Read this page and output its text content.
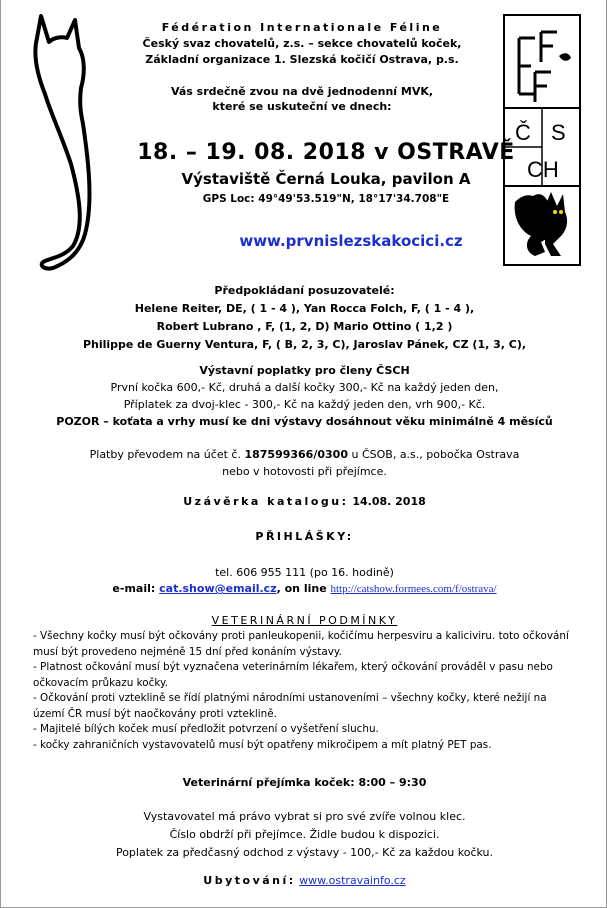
Č S
CH
Fédération Internationale Féline
Český svaz chovatelů, z.s. – sekce chovatelů koček,
Základní organizace 1. Slezská kočičí Ostrava, p.s.
Vás srdečně zvou na dvě jednodenní MVK,
které se uskuteční ve dnech:
18. – 19. 08. 2018 v OSTRAVĚ
Výstaviště Černá Louka, pavilon A
GPS Loc: 49°49'53.519"N, 18°17'34.708"E
www.prvnislezskakocici.cz
Předpokládaní posuzovatelé:
Helene Reiter, DE, ( 1 - 4 ), Yan Rocca Folch, F, ( 1 - 4 ),
Robert Lubrano , F, (1, 2, D) Mario Ottino ( 1,2 )
Philippe de Guerny Ventura, F, ( B, 2, 3, C), Jaroslav Pánek, CZ (1, 3, C),
Výstavní poplatky pro členy ČSCH
První kočka 600,- Kč, druhá a další kočky 300,- Kč na každý jeden den,
Příplatek za dvoj-klec - 300,- Kč na každý jeden den, vrh 900,- Kč.
POZOR – koťata a vrhy musí ke dni výstavy dosáhnout věku minimálně 4 měsíců
Platby převodem na účet č. 187599366/0300 u ČSOB, a.s., pobočka Ostrava
nebo v hotovosti při přejímce.
Uzávěrka katalogu: 14.08. 2018
PŘIHLÁŠKY:
tel. 606 955 111 (po 16. hodině)
e-mail: cat.show@email.cz, on line http://catshow.formees.com/f/ostrava/
VETERINÁRNÍ PODMÍNKY
- Všechny kočky musí být očkovány proti panleukopenii, kočičímu herpesviru a kaliciviru. toto očkování musí být provedeno nejméně 15 dní před konáním výstavy.
- Platnost očkování musí být vyznačena veterinárním lékařem, který očkování prováděl v pasu nebo očkovacím průkazu kočky.
- Očkování proti vzteklině se řídí platnými národními ustanoveními – všechny kočky, které nežijí na území ČR musí být naočkovány proti vzteklině.
- Majitelé bílých koček musí předložit potvrzení o vyšetření sluchu.
- kočky zahraničních vystavovatelů musí být opatřeny mikročipem a mít platný PET pas.
Veterinární přejímka koček: 8:00 – 9:30
Vystavovatel má právo vybrat si pro své zvíře volnou klec.
Číslo obdrží při přejímce. Židle budou k dispozici.
Poplatek za předčasný odchod z výstavy - 100,- Kč za každou kočku.
Ubytování: www.ostravainfo.cz
